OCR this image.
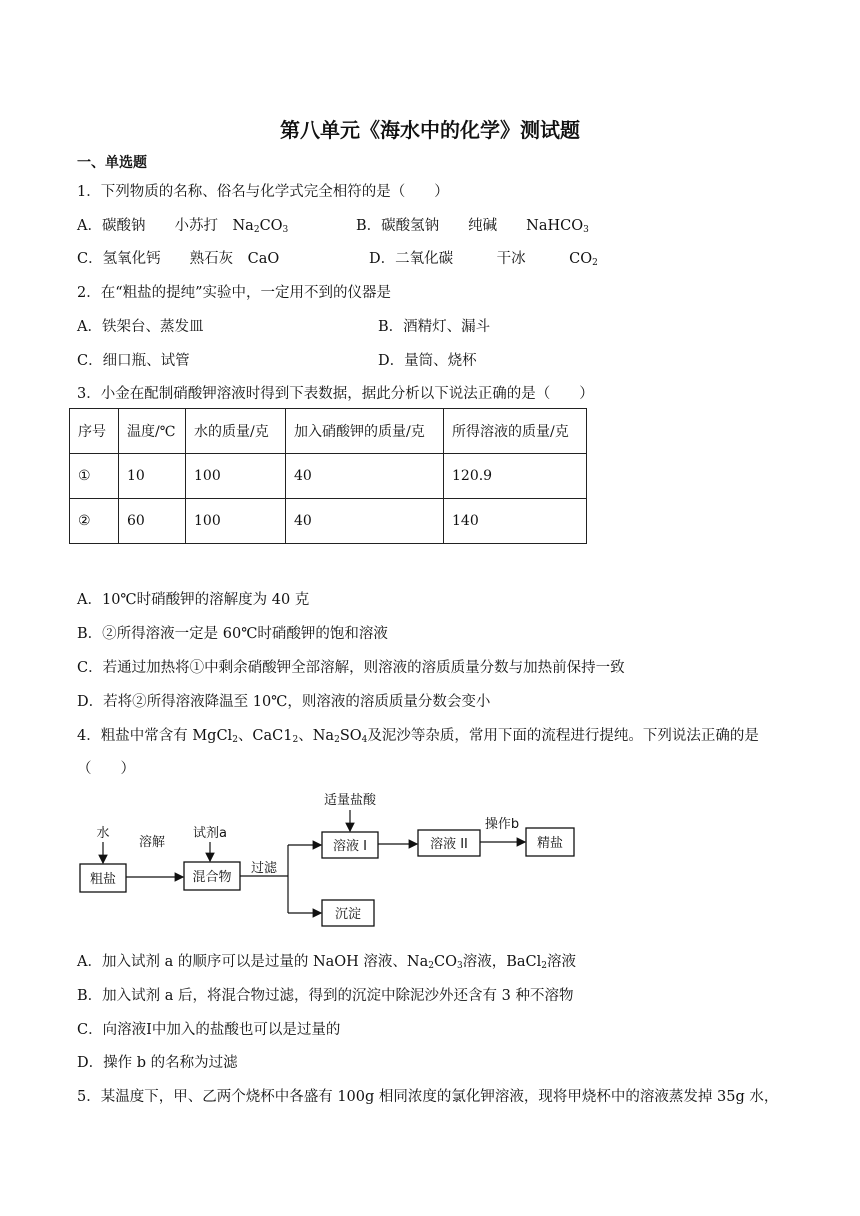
第八单元《海水中的化学》测试题
一、单选题
1．下列物质的名称、俗名与化学式完全相符的是（　　）
A．碳酸钠　　 小苏打　 $Na_2CO_3$	B．碳酸氢钠　　 纯碱　　 NaHCO$_3$
C．氢氧化钙　　 熟石灰　 CaO	D．二氧化碳　　　	干冰　　　	$CO_2$
2．在“粗盐的提纯”实验中，一定用不到的仪器是
A．铁架台、蒸发皿	B．酒精灯、漏斗
C．细口瓶、试管	D．量筒、烧杯
3．小金在配制硝酸钾溶液时得到下表数据，据此分析以下说法正确的是（　　）
序号	温度/℃	水的质量/克	加入硝酸钾的质量/克	所得溶液的质量/克
①	10	100	40	120.9
②	60	100	40	140
A．10℃时硝酸钾的溶解度为 40 克
B．②所得溶液一定是 60℃时硝酸钾的饱和溶液
C．若通过加热将①中剩余硝酸钾全部溶解，则溶液的溶质质量分数与加热前保持一致
D．若将②所得溶液降温至 10℃，则溶液的溶质质量分数会变小
4．粗盐中常含有 MgCl$_2$、$CaC1_2$、$Na_2SO_4$及泥沙等杂质，常用下面的流程进行提纯。下列说法正确的是
（　　）
水
粗盐
溶解
试剂a
混合物
过滤
适量盐酸
溶液 I	溶液 II
操作b
精盐
沉淀
A．加入试剂 a 的顺序可以是过量的 NaOH 溶液、$Na_2CO_3$溶液，BaCl$_2$溶液
B．加入试剂 a 后，将混合物过滤，得到的沉淀中除泥沙外还含有 3 种不溶物
C．向溶液I中加入的盐酸也可以是过量的
D．操作 b 的名称为过滤
5．某温度下，甲、乙两个烧杯中各盛有 100g 相同浓度的氯化钾溶液，现将甲烧杯中的溶液蒸发掉 35g 水，
